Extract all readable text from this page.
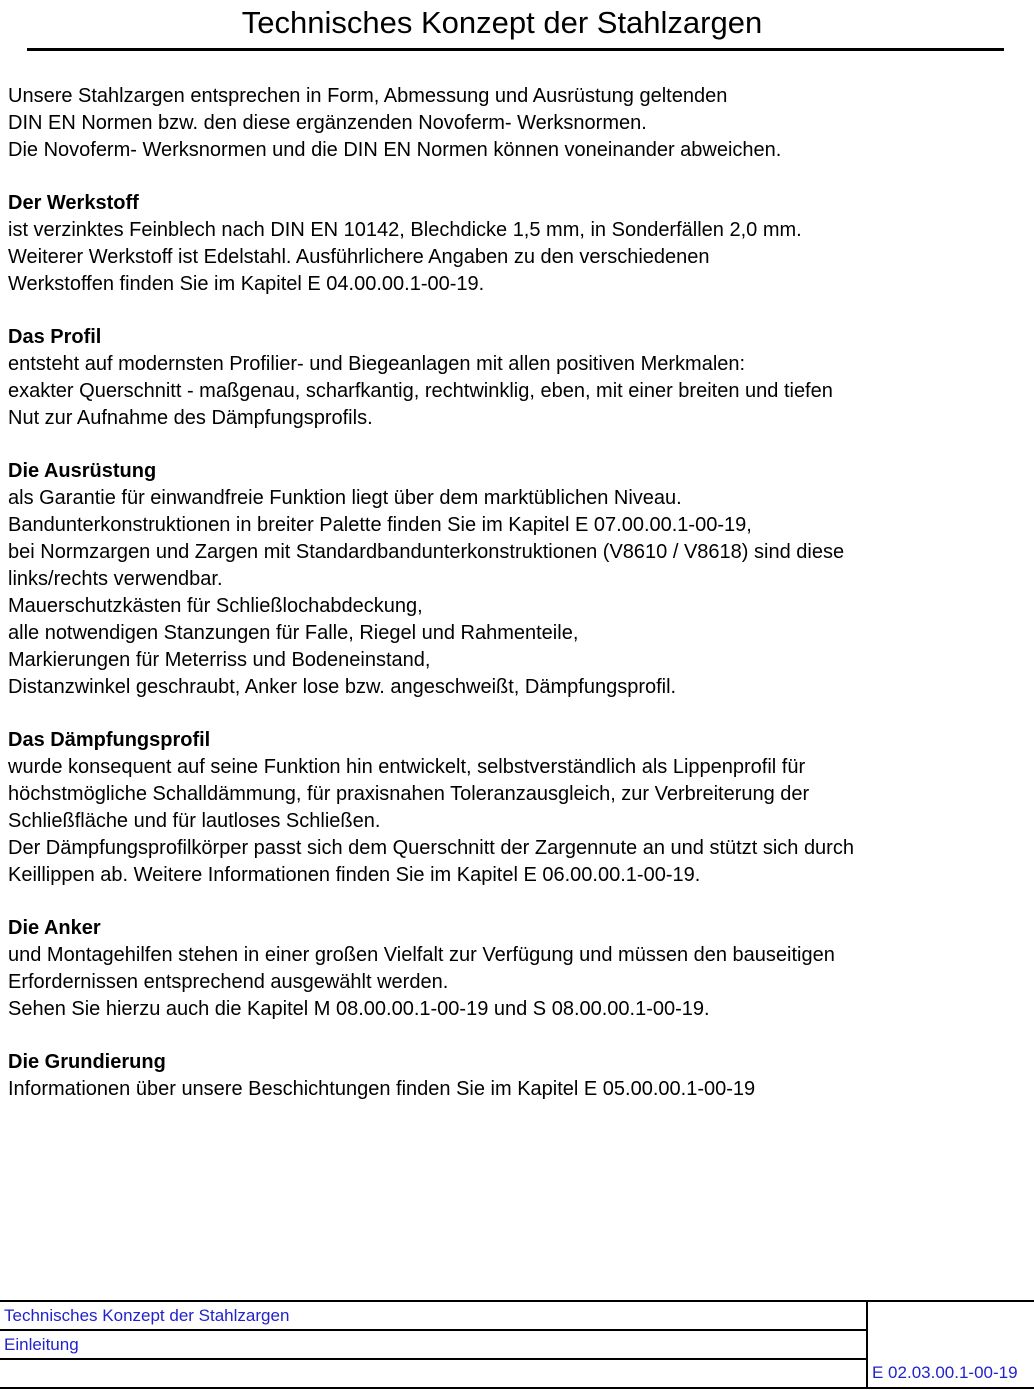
Technisches Konzept der Stahlzargen

Unsere Stahlzargen entsprechen in Form, Abmessung und Ausrüstung geltenden

DIN EN Normen bzw. den diese ergänzenden Novoferm- Werksnormen.

Die Novoferm- Werksnormen und die DIN EN Normen können voneinander abweichen.

Der Werkstoff

ist verzinktes Feinblech nach DIN EN 10142, Blechdicke 1,5 mm, in Sonderfällen 2,0 mm.

Weiterer Werkstoff ist Edelstahl. Ausführlichere Angaben zu den verschiedenen

Werkstoffen finden Sie im Kapitel E 04.00.00.1-00-19.

Das Profil

entsteht auf modernsten Profilier- und Biegeanlagen mit allen positiven Merkmalen:

exakter Querschnitt - maßgenau, scharfkantig, rechtwinklig, eben, mit einer breiten und tiefen

Nut zur Aufnahme des Dämpfungsprofils.

Die Ausrüstung

als Garantie für einwandfreie Funktion liegt über dem marktüblichen Niveau.

Bandunterkonstruktionen in breiter Palette finden Sie im Kapitel E 07.00.00.1-00-19,

bei Normzargen und Zargen mit Standardbandunterkonstruktionen (V8610 / V8618) sind diese

links/rechts verwendbar.

Mauerschutzkästen für Schließlochabdeckung,

alle notwendigen Stanzungen für Falle, Riegel und Rahmenteile,

Markierungen für Meterriss und Bodeneinstand,

Distanzwinkel geschraubt, Anker lose bzw. angeschweißt, Dämpfungsprofil.

Das Dämpfungsprofil

wurde konsequent auf seine Funktion hin entwickelt, selbstverständlich als Lippenprofil für

höchstmögliche Schalldämmung, für praxisnahen Toleranzausgleich, zur Verbreiterung der

Schließfläche und für lautloses Schließen.

Der Dämpfungsprofilkörper passt sich dem Querschnitt der Zargennute an und stützt sich durch

Keillippen ab. Weitere Informationen finden Sie im Kapitel E 06.00.00.1-00-19.

Die Anker

und Montagehilfen stehen in einer großen Vielfalt zur Verfügung und müssen den bauseitigen

Erfordernissen entsprechend ausgewählt werden.

Sehen Sie hierzu auch die Kapitel M 08.00.00.1-00-19 und S 08.00.00.1-00-19.

Die Grundierung

Informationen über unsere Beschichtungen finden Sie im Kapitel E 05.00.00.1-00-19

Technisches Konzept der Stahlzargen	

Einleitung	

	E 02.03.00.1-00-19
